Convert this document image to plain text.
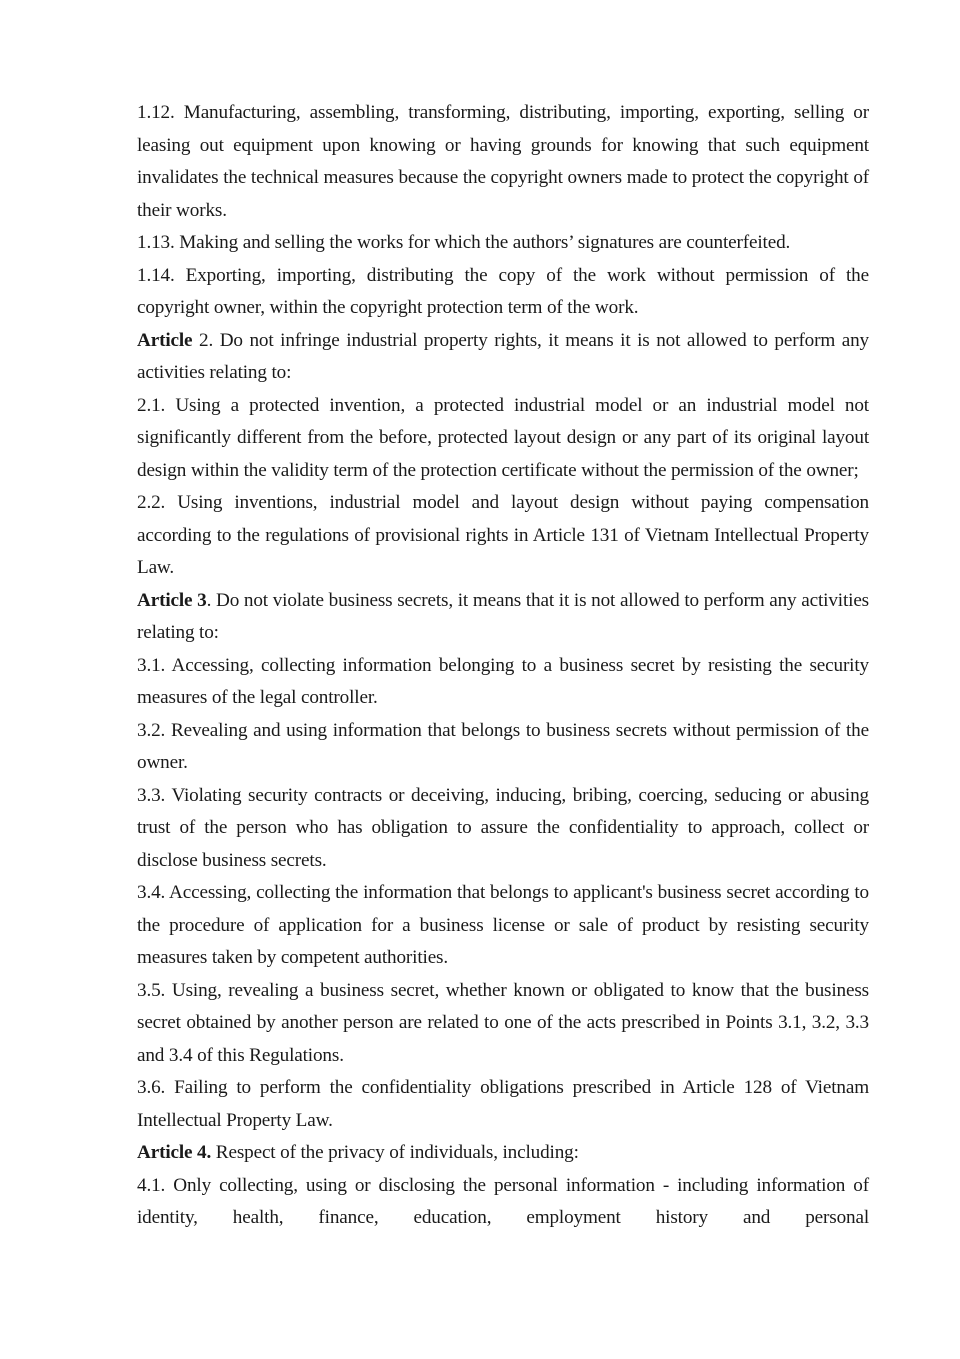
1.12. Manufacturing, assembling, transforming, distributing, importing, exporting, selling or leasing out equipment upon knowing or having grounds for knowing that such equipment invalidates the technical measures because the copyright owners made to protect the copyright of their works.

1.13. Making and selling the works for which the authors’ signatures are counterfeited.

1.14. Exporting, importing, distributing the copy of the work without permission of the copyright owner, within the copyright protection term of the work.

Article 2. Do not infringe industrial property rights, it means it is not allowed to perform any activities relating to:

2.1. Using a protected invention, a protected industrial model or an industrial model not significantly different from the before, protected layout design or any part of its original layout design within the validity term of the protection certificate without the permission of the owner;

2.2. Using inventions, industrial model and layout design without paying compensation according to the regulations of provisional rights in Article 131 of Vietnam Intellectual Property Law.

Article 3. Do not violate business secrets, it means that it is not allowed to perform any activities relating to:

3.1. Accessing, collecting information belonging to a business secret by resisting the security measures of the legal controller.

3.2. Revealing and using information that belongs to business secrets without permission of the owner.

3.3. Violating security contracts or deceiving, inducing, bribing, coercing, seducing or abusing trust of the person who has obligation to assure the confidentiality to approach, collect or disclose business secrets.

3.4. Accessing, collecting the information that belongs to applicant's business secret according to the procedure of application for a business license or sale of product by resisting security measures taken by competent authorities.

3.5. Using, revealing a business secret, whether known or obligated to know that the business secret obtained by another person are related to one of the acts prescribed in Points 3.1, 3.2, 3.3 and 3.4 of this Regulations.

3.6. Failing to perform the confidentiality obligations prescribed in Article 128 of Vietnam Intellectual Property Law.

Article 4. Respect of the privacy of individuals, including:

4.1. Only collecting, using or disclosing the personal information - including information of identity, health, finance, education, employment history and personal
